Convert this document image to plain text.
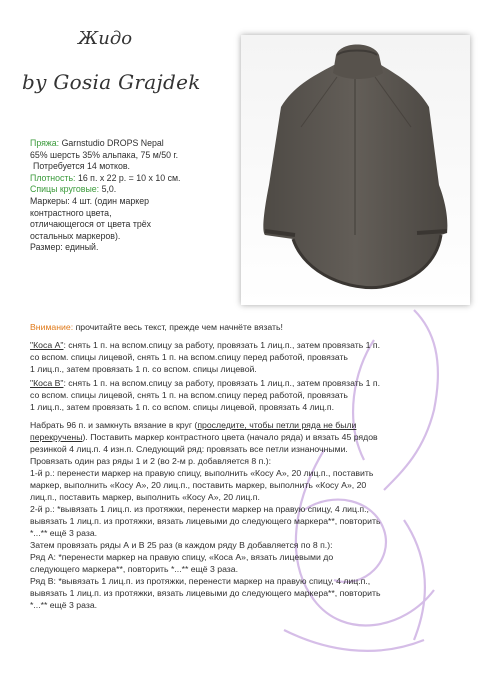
Жидо
by Gosia Grajdek
Пряжа: Garnstudio DROPS Nepal
65% шерсть 35% альпака, 75 м/50 г.
Потребуется 14 мотков.
Плотность: 16 п. х 22 р. = 10 х 10 см.
Спицы круговые: 5,0.
Маркеры: 4 шт. (один маркер
контрастного цвета,
отличающегося от цвета трёх
остальных маркеров).
Размер: единый.

Внимание: прочитайте весь текст, прежде чем начнёте вязать!

"Коса А": снять 1 п. на вспом.спицу за работу, провязать 1 лиц.п., затем провязать 1 п.

со вспом. спицы лицевой, снять 1 п. на вспом.спицу перед работой, провязать

1 лиц.п., затем провязать 1 п. со вспом. спицы лицевой.

"Коса В": снять 1 п. на вспом.спицу за работу, провязать 1 лиц.п., затем провязать 1 п.

со вспом. спицы лицевой, снять 1 п. на вспом.спицу перед работой, провязать

1 лиц.п., затем провязать 1 п. со вспом. спицы лицевой, провязать 4 лиц.п.

Набрать 96 п. и замкнуть вязание в круг (проследите, чтобы петли ряда не были

перекручены). Поставить маркер контрастного цвета (начало ряда) и вязать 45 рядов

резинкой 4 лиц.п. 4 изн.п. Следующий ряд: провязать все петли изнаночными.

Провязать один раз ряды 1 и 2 (во 2-м р. добавляется 8 п.):

1-й р.: перенести маркер на правую спицу, выполнить «Косу А», 20 лиц.п., поставить

маркер, выполнить «Косу А», 20 лиц.п., поставить маркер, выполнить «Косу А», 20

лиц.п., поставить маркер, выполнить «Косу А», 20 лиц.п.

2-й р.: *вывязать 1 лиц.п. из протяжки, перенести маркер на правую спицу, 4 лиц.п.,

вывязать 1 лиц.п. из протяжки, вязать лицевыми до следующего маркера**, повторить

*...** ещё 3 раза.

Затем провязать ряды А и В 25 раз (в каждом ряду В добавляется по 8 п.):

Ряд А: *перенести маркер на правую спицу, «Коса А», вязать лицевыми до

следующего маркера**, повторить *...** ещё 3 раза.

Ряд В: *вывязать 1 лиц.п. из протяжки, перенести маркер на правую спицу, 4 лиц.п.,

вывязать 1 лиц.п. из протяжки, вязать лицевыми до следующего маркера**, повторить

*...** ещё 3 раза.
